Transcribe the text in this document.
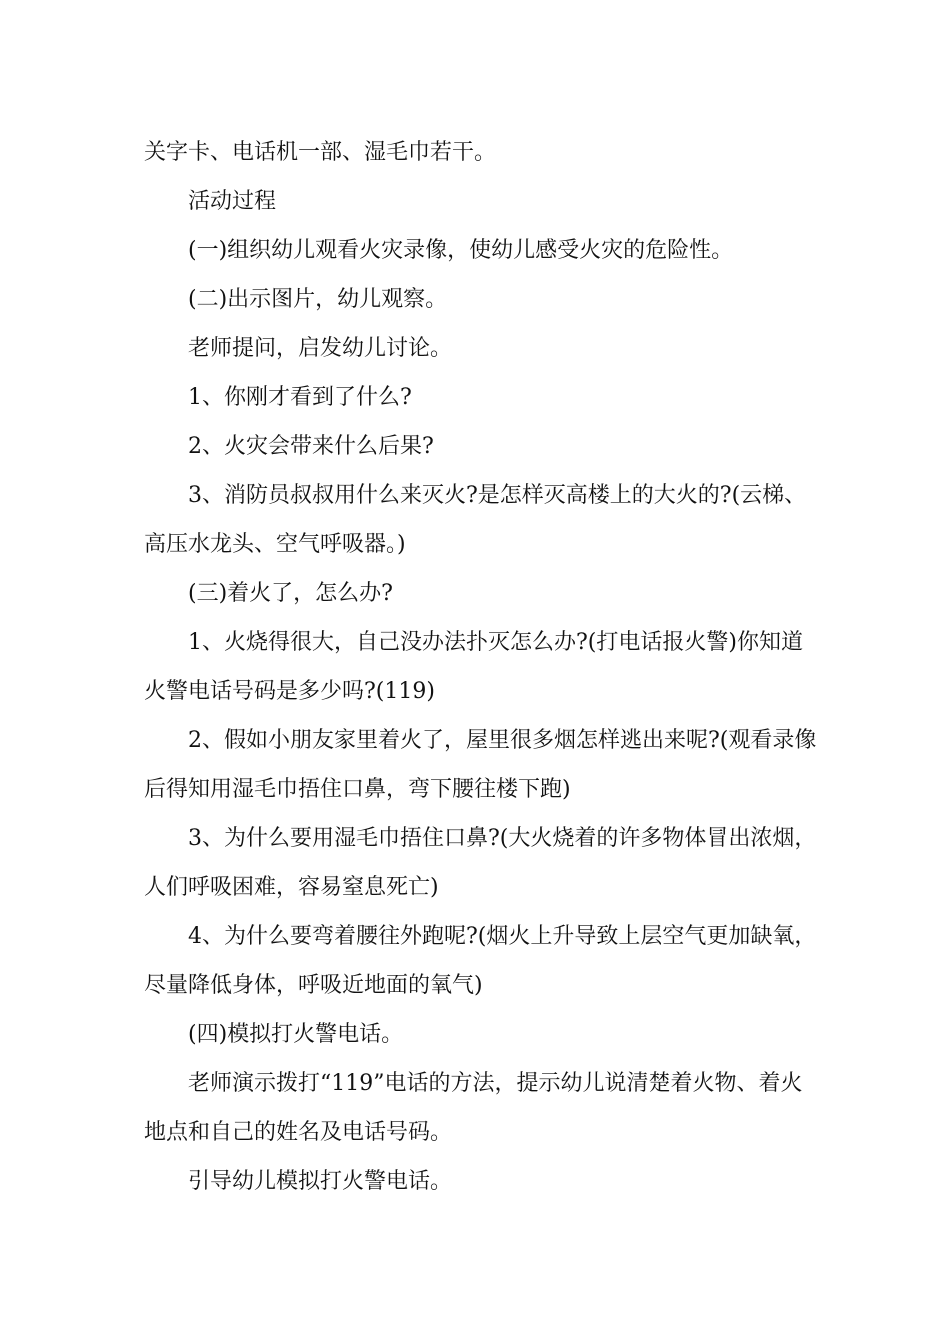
关字卡、电话机一部、湿毛巾若干。

活动过程

(一)组织幼儿观看火灾录像，使幼儿感受火灾的危险性。

(二)出示图片，幼儿观察。

老师提问，启发幼儿讨论。

1、你刚才看到了什么?

2、火灾会带来什么后果?

3、消防员叔叔用什么来灭火?是怎样灭高楼上的大火的?(云梯、高压水龙头、空气呼吸器。)

(三)着火了，怎么办?

1、火烧得很大，自己没办法扑灭怎么办?(打电话报火警)你知道火警电话号码是多少吗?(119)

2、假如小朋友家里着火了，屋里很多烟怎样逃出来呢?(观看录像后得知用湿毛巾捂住口鼻，弯下腰往楼下跑)

3、为什么要用湿毛巾捂住口鼻?(大火烧着的许多物体冒出浓烟，人们呼吸困难，容易窒息死亡)

4、为什么要弯着腰往外跑呢?(烟火上升导致上层空气更加缺氧，尽量降低身体，呼吸近地面的氧气)

(四)模拟打火警电话。

老师演示拨打“119”电话的方法，提示幼儿说清楚着火物、着火地点和自己的姓名及电话号码。

引导幼儿模拟打火警电话。
